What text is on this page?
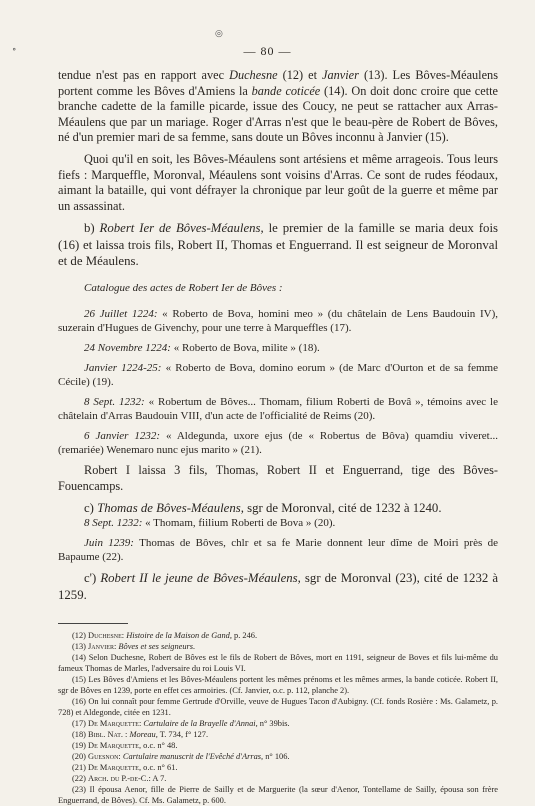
◎
∘	— 80 —

tendue n'est pas en rapport avec Duchesne (12) et Janvier (13). Les Bôves-Méaulens portent comme les Bôves d'Amiens la bande coticée (14). On doit donc croire que cette branche cadette de la famille picarde, issue des Coucy, ne peut se rattacher aux Arras-Méaulens que par un mariage. Roger d'Arras n'est que le beau-père de Robert de Bôves, né d'un premier mari de sa femme, sans doute un Bôves inconnu à Janvier (15).

Quoi qu'il en soit, les Bôves-Méaulens sont artésiens et même arrageois. Tous leurs fiefs : Marqueffle, Moronval, Méaulens sont voisins d'Arras. Ce sont de rudes féodaux, aimant la bataille, qui vont défrayer la chronique par leur goût de la guerre et même par un assassinat.

b) Robert Ier de Bôves-Méaulens, le premier de la famille se maria deux fois (16) et laissa trois fils, Robert II, Thomas et Enguerrand. Il est seigneur de Moronval et de Méaulens.

Catalogue des actes de Robert Ier de Bôves :

26 Juillet 1224: « Roberto de Bova, homini meo » (du châtelain de Lens Baudouin IV), suzerain d'Hugues de Givenchy, pour une terre à Marqueffles (17).

24 Novembre 1224: « Roberto de Bova, milite » (18).

Janvier 1224-25: « Roberto de Bova, domino eorum » (de Marc d'Ourton et de sa femme Cécile) (19).

8 Sept. 1232: « Robertum de Bôves... Thomam, filium Roberti de Bovâ », témoins avec le châtelain d'Arras Baudouin VIII, d'un acte de l'officialité de Reims (20).

6 Janvier 1232: « Aldegunda, uxore ejus (de « Robertus de Bôva) quamdiu viveret... (remariée) Wenemaro nunc ejus marito » (21).

Robert I laissa 3 fils, Thomas, Robert II et Enguerrand, tige des Bôves-Fouencamps.

c) Thomas de Bôves-Méaulens, sgr de Moronval, cité de 1232 à 1240.

8 Sept. 1232: « Thomam, fiilium Roberti de Bova » (20).

Juin 1239: Thomas de Bôves, chlr et sa fe Marie donnent leur dîme de Moiri près de Bapaume (22).

c') Robert II le jeune de Bôves-Méaulens, sgr de Moronval (23), cité de 1232 à 1259.

(12) Duchesne: Histoire de la Maison de Gand, p. 246.

(13) Janvier: Bôves et ses seigneurs.

(14) Selon Duchesne, Robert de Bôves est le fils de Robert de Bôves, mort en 1191, seigneur de Boves et fils lui-même du fameux Thomas de Marles, l'adversaire du roi Louis VI.

(15) Les Bôves d'Amiens et les Bôves-Méaulens portent les mêmes prénoms et les mêmes armes, la bande coticée. Robert II, sgr de Bôves en 1239, porte en effet ces armoiries. (Cf. Janvier, o.c. p. 112, planche 2).

(16) On lui connaît pour femme Gertrude d'Orville, veuve de Hugues Tacon d'Aubigny. (Cf. fonds Rosière : Ms. Galametz, p. 728) et Aldegonde, citée en 1231.

(17) De Marquette: Cartulaire de la Brayelle d'Annai, n° 39bis.

(18) Bibl. Nat. : Moreau, T. 734, f° 127.

(19) De Marquette, o.c. n° 48.

(20) Guesnon: Cartulaire manuscrit de l'Evêché d'Arras, n° 106.

(21) De Marquette, o.c. n° 61.

(22) Arch. du P.-de-C.: A 7.

(23) Il épousa Aenor, fille de Pierre de Sailly et de Marguerite (la sœur d'Aenor, Tontellame de Sailly, épousa son frère Enguerrand, de Bôves). Cf. Ms. Galametz, p. 600.
